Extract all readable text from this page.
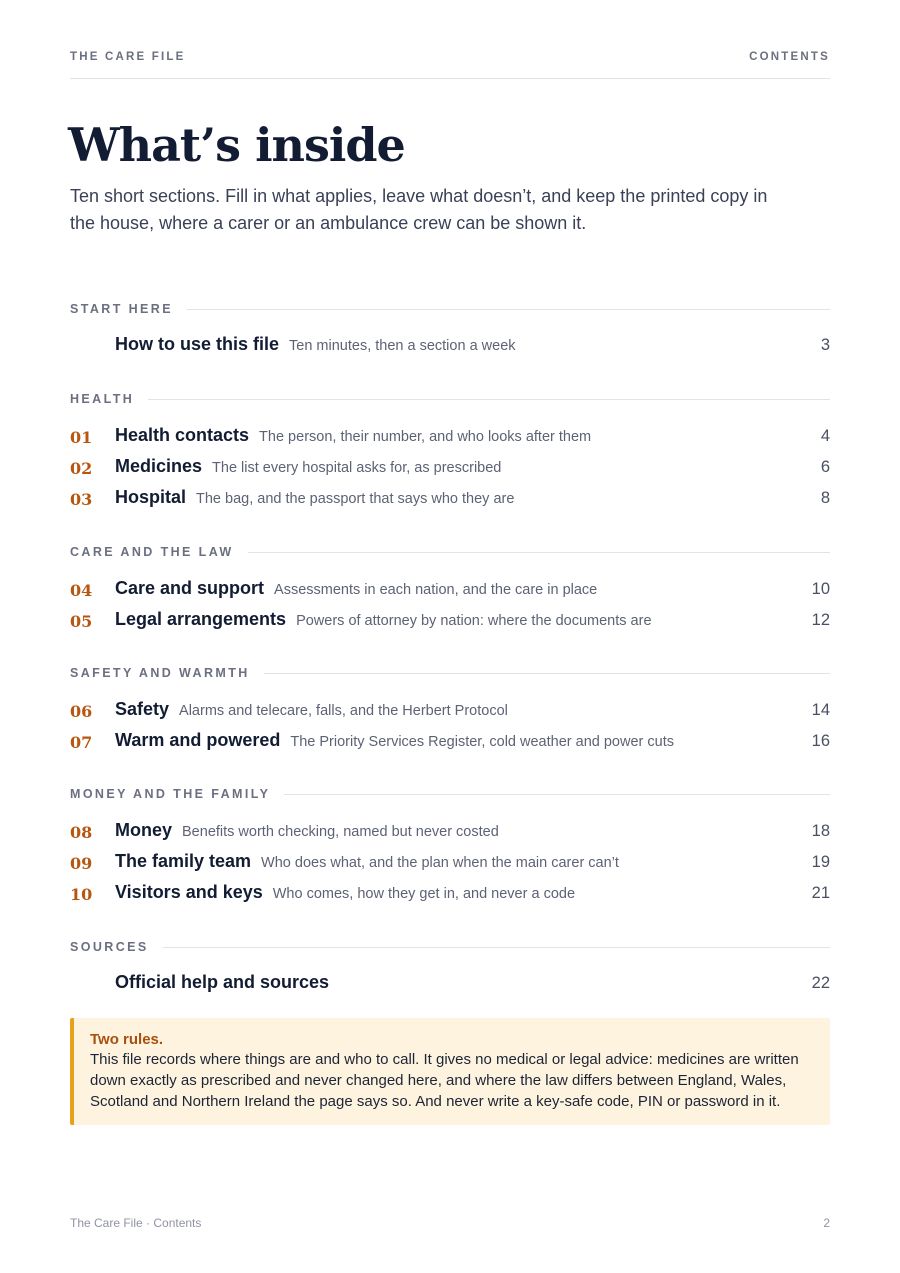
THE CARE FILE	CONTENTS
What’s inside

Ten short sections. Fill in what applies, leave what doesn’t, and keep the printed copy in the house, where a carer or an ambulance crew can be shown it.

START HERE
How to use this file Ten minutes, then a section a week	3
HEALTH
01 Health contacts The person, their number, and who looks after them	4
02 Medicines The list every hospital asks for, as prescribed	6
03 Hospital The bag, and the passport that says who they are	8
CARE AND THE LAW
04 Care and support Assessments in each nation, and the care in place	10
05 Legal arrangements Powers of attorney by nation: where the documents are	12
SAFETY AND WARMTH
06 Safety Alarms and telecare, falls, and the Herbert Protocol	14
07 Warm and powered The Priority Services Register, cold weather and power cuts	16
MONEY AND THE FAMILY
08 Money Benefits worth checking, named but never costed	18
09 The family team Who does what, and the plan when the main carer can’t	19
10 Visitors and keys Who comes, how they get in, and never a code	21
SOURCES
Official help and sources	22
Two rules.
This file records where things are and who to call. It gives no medical or legal advice: medicines are written down exactly as prescribed and never changed here, and where the law differs between England, Wales, Scotland and Northern Ireland the page says so. And never write a key-safe code, PIN or password in it.
The Care File · Contents	2
